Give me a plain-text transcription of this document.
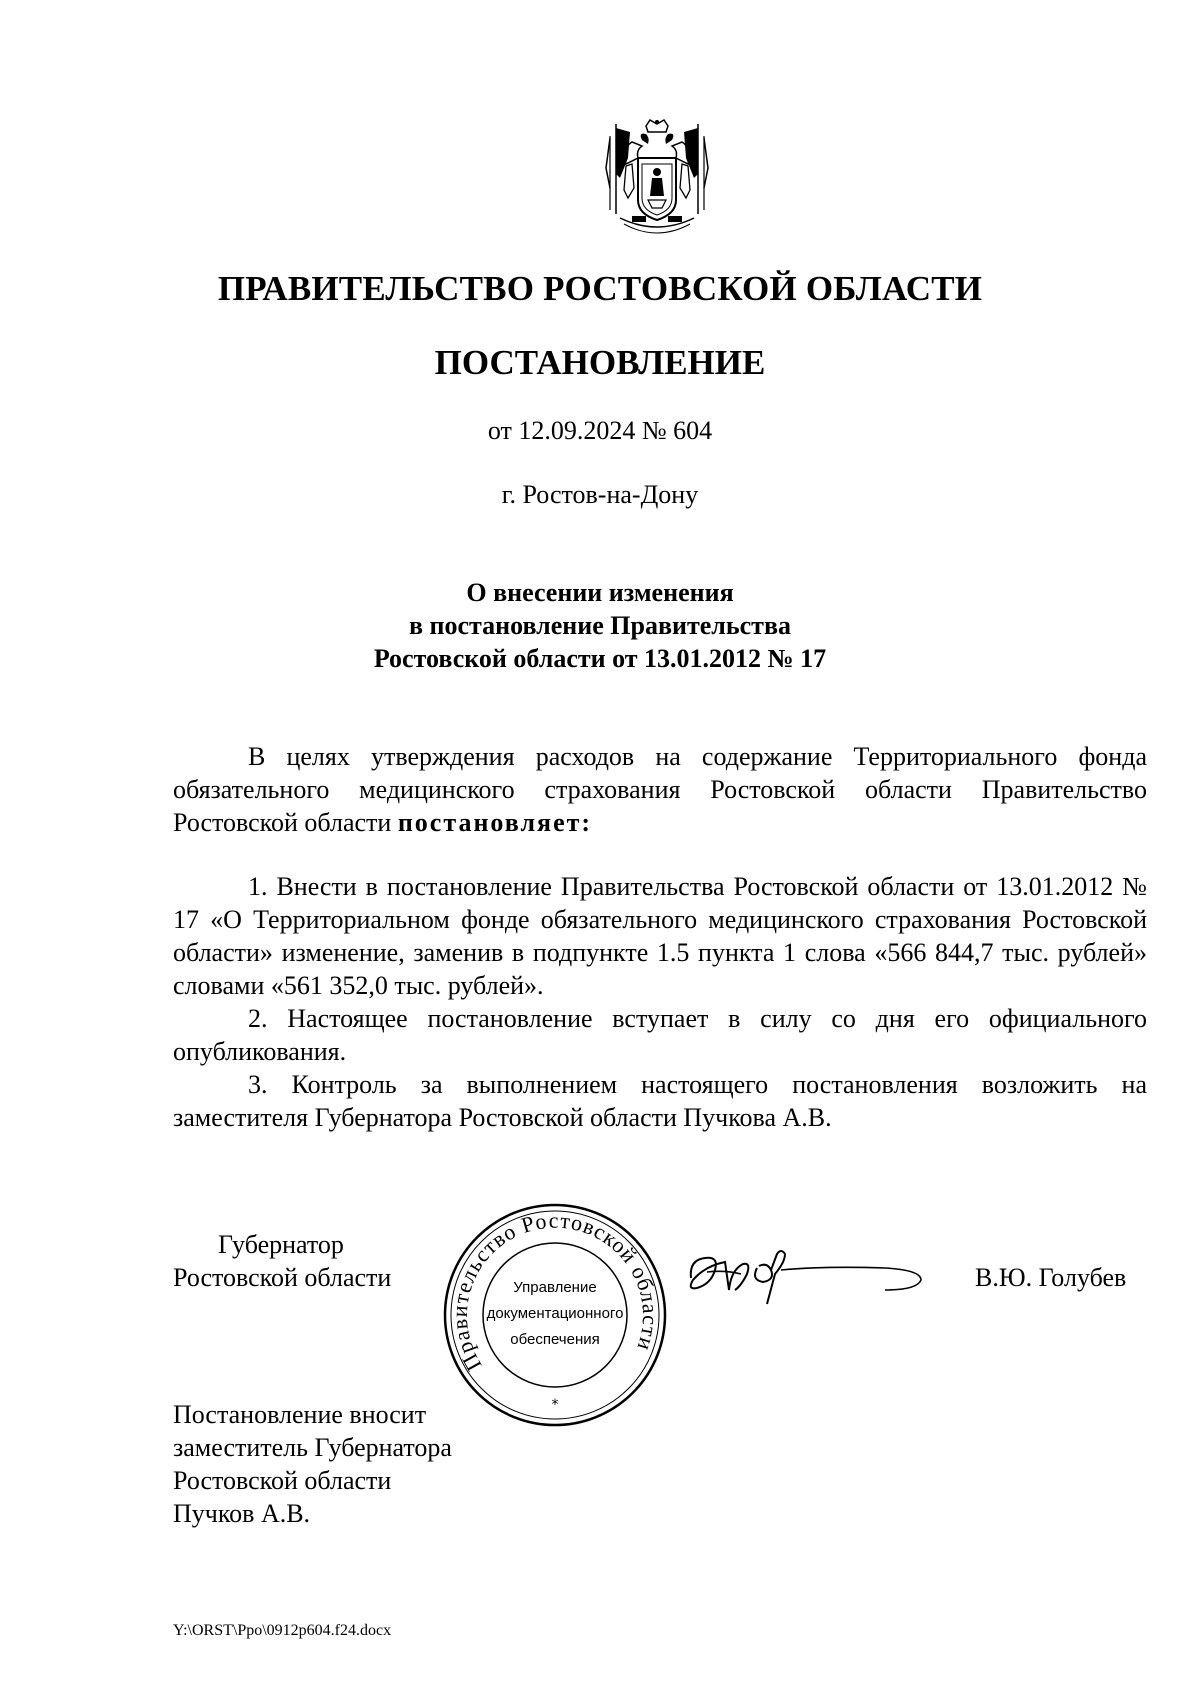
ПРАВИТЕЛЬСТВО РОСТОВСКОЙ ОБЛАСТИ
ПОСТАНОВЛЕНИЕ
от 12.09.2024 № 604
г. Ростов-на-Дону
О внесении изменения
в постановление Правительства
Ростовской области от 13.01.2012 № 17

В целях утверждения расходов на содержание Территориального фонда обязательного медицинского страхования Ростовской области Правительство Ростовской области постановляет:

1. Внести в постановление Правительства Ростовской области от 13.01.2012 № 17 «О Территориальном фонде обязательного медицинского страхования Ростовской области» изменение, заменив в подпункте 1.5 пункта 1 слова «566 844,7 тыс. рублей» словами «561 352,0 тыс. рублей».

2. Настоящее постановление вступает в силу со дня его официального опубликования.

3. Контроль за выполнением настоящего постановления возложить на заместителя Губернатора Ростовской области Пучкова А.В.

Губернатор
Ростовской области
Правительство Ростовской области
Управление
документационного
обеспечения
*
В.Ю. Голубев
Постановление вносит
заместитель Губернатора
Ростовской области
Пучков А.В.
Y:\ORST\Ppo\0912p604.f24.docx
